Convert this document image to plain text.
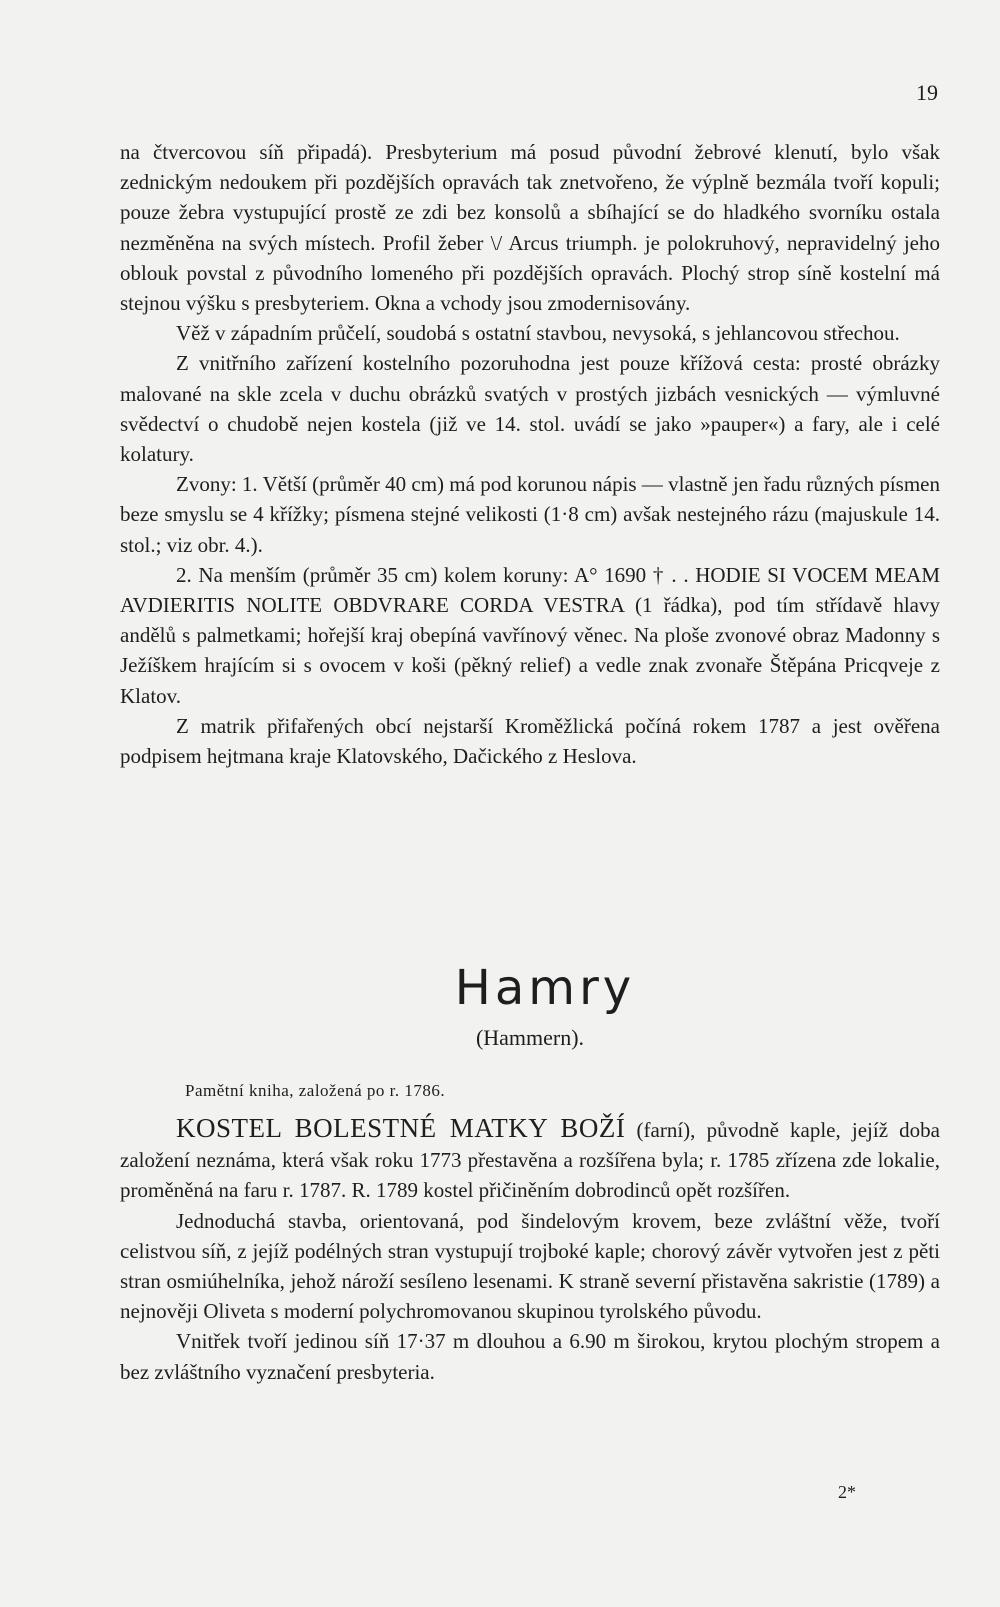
19

na čtvercovou síň připadá). Presbyterium má posud původní žebrové klenutí, bylo však zednickým nedoukem při pozdějších opravách tak znetvořeno, že výplně bezmála tvoří kopuli; pouze žebra vystupující prostě ze zdi bez konsolů a sbíhající se do hladkého svorníku ostala nezměněna na svých místech. Profil žeber \/ Arcus triumph. je polokruhový, nepravidelný jeho oblouk povstal z původního lomeného při pozdějších opravách. Plochý strop síně kostelní má stejnou výšku s presbyteriem. Okna a vchody jsou zmodernisovány.

Věž v západním průčelí, soudobá s ostatní stavbou, nevysoká, s jehlancovou střechou.

Z vnitřního zařízení kostelního pozoruhodna jest pouze křížová cesta: prosté obrázky malované na skle zcela v duchu obrázků svatých v prostých jizbách vesnických — výmluvné svědectví o chudobě nejen kostela (již ve 14. stol. uvádí se jako »pauper«) a fary, ale i celé kolatury.

Zvony: 1. Větší (průměr 40 cm) má pod korunou nápis — vlastně jen řadu různých písmen beze smyslu se 4 křížky; písmena stejné velikosti (1·8 cm) avšak nestejného rázu (majuskule 14. stol.; viz obr. 4.).

2. Na menším (průměr 35 cm) kolem koruny: A° 1690 † . . HODIE SI VOCEM MEAM AVDIERITIS NOLITE OBDVRARE CORDA VESTRA (1 řádka), pod tím střídavě hlavy andělů s palmetkami; hořejší kraj obepíná vavřínový věnec. Na ploše zvonové obraz Madonny s Ježíškem hrajícím si s ovocem v koši (pěkný relief) a vedle znak zvonaře Štěpána Pricqveje z Klatov.

Z matrik přifařených obcí nejstarší Kroměžlická počíná rokem 1787 a jest ověřena podpisem hejtmana kraje Klatovského, Dačického z Heslova.

Hamry
(Hammern).
Pamětní kniha, založená po r. 1786.

KOSTEL BOLESTNÉ MATKY BOŽÍ (farní), původně kaple, jejíž doba založení neznáma, která však roku 1773 přestavěna a rozšířena byla; r. 1785 zřízena zde lokalie, proměněná na faru r. 1787. R. 1789 kostel přičiněním dobrodinců opět rozšířen.

Jednoduchá stavba, orientovaná, pod šindelovým krovem, beze zvláštní věže, tvoří celistvou síň, z jejíž podélných stran vystupují trojboké kaple; chorový závěr vytvořen jest z pěti stran osmiúhelníka, jehož nároží sesíleno lesenami. K straně severní přistavěna sakristie (1789) a nejnověji Oliveta s moderní polychromovanou skupinou tyrolského původu.

Vnitřek tvoří jedinou síň 17·37 m dlouhou a 6.90 m širokou, krytou plochým stropem a bez zvláštního vyznačení presbyteria.

2*
